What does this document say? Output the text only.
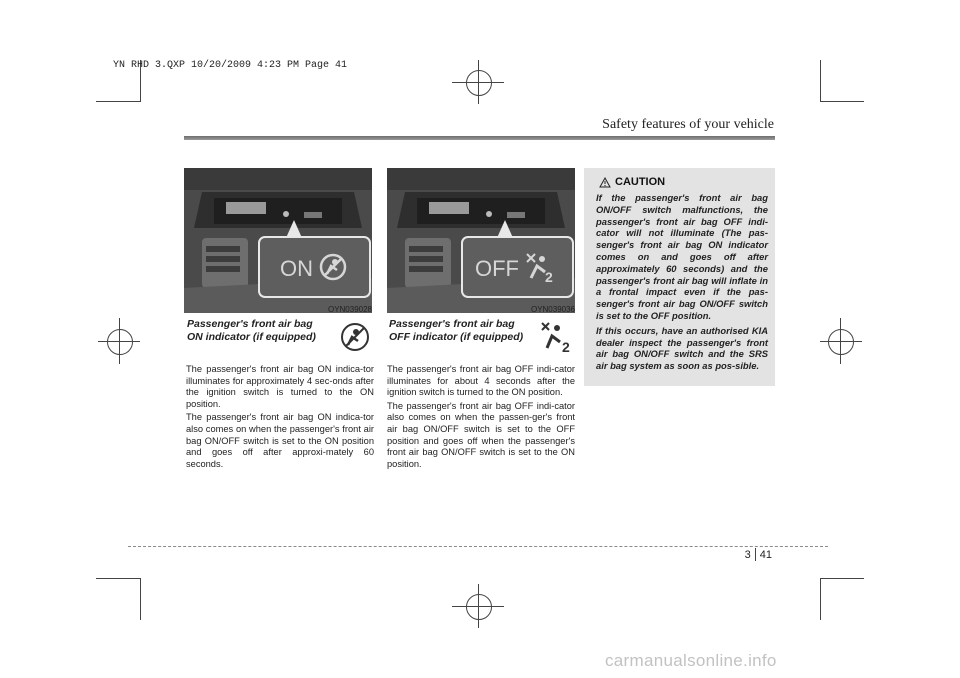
YN RHD 3.QXP 10/20/2009 4:23 PM Page 41
Safety features of your vehicle
ON
OYN039028
Passenger's front air bag
ON indicator (if equipped)

The passenger's front air bag ON indica-tor illuminates for approximately 4 sec-onds after the ignition switch is turned to the ON position.

The passenger's front air bag ON indica-tor also comes on when the passenger's front air bag ON/OFF switch is set to the ON position and goes off after approxi-mately 60 seconds.

OFF 2
OYN039036
Passenger's front air bag
OFF indicator (if equipped)
2

The passenger's front air bag OFF indi-cator illuminates for about 4 seconds after the ignition switch is turned to the ON position.

The passenger's front air bag OFF indi-cator also comes on when the passen-ger's front air bag ON/OFF switch is set to the OFF position and goes off when the passenger's front air bag ON/OFF switch is set to the ON position.

CAUTION

If the passenger's front air bag ON/OFF switch malfunctions, the passenger's front air bag OFF indi-cator will not illuminate (The pas-senger's front air bag ON indicator comes on and goes off after approximately 60 seconds) and the passenger's front air bag will inflate in a frontal impact even if the pas-senger's front air bag ON/OFF switch is set to the OFF position.

If this occurs, have an authorised KIA dealer inspect the passenger's front air bag ON/OFF switch and the SRS air bag system as soon as pos-sible.

3 41
carmanualsonline.info
